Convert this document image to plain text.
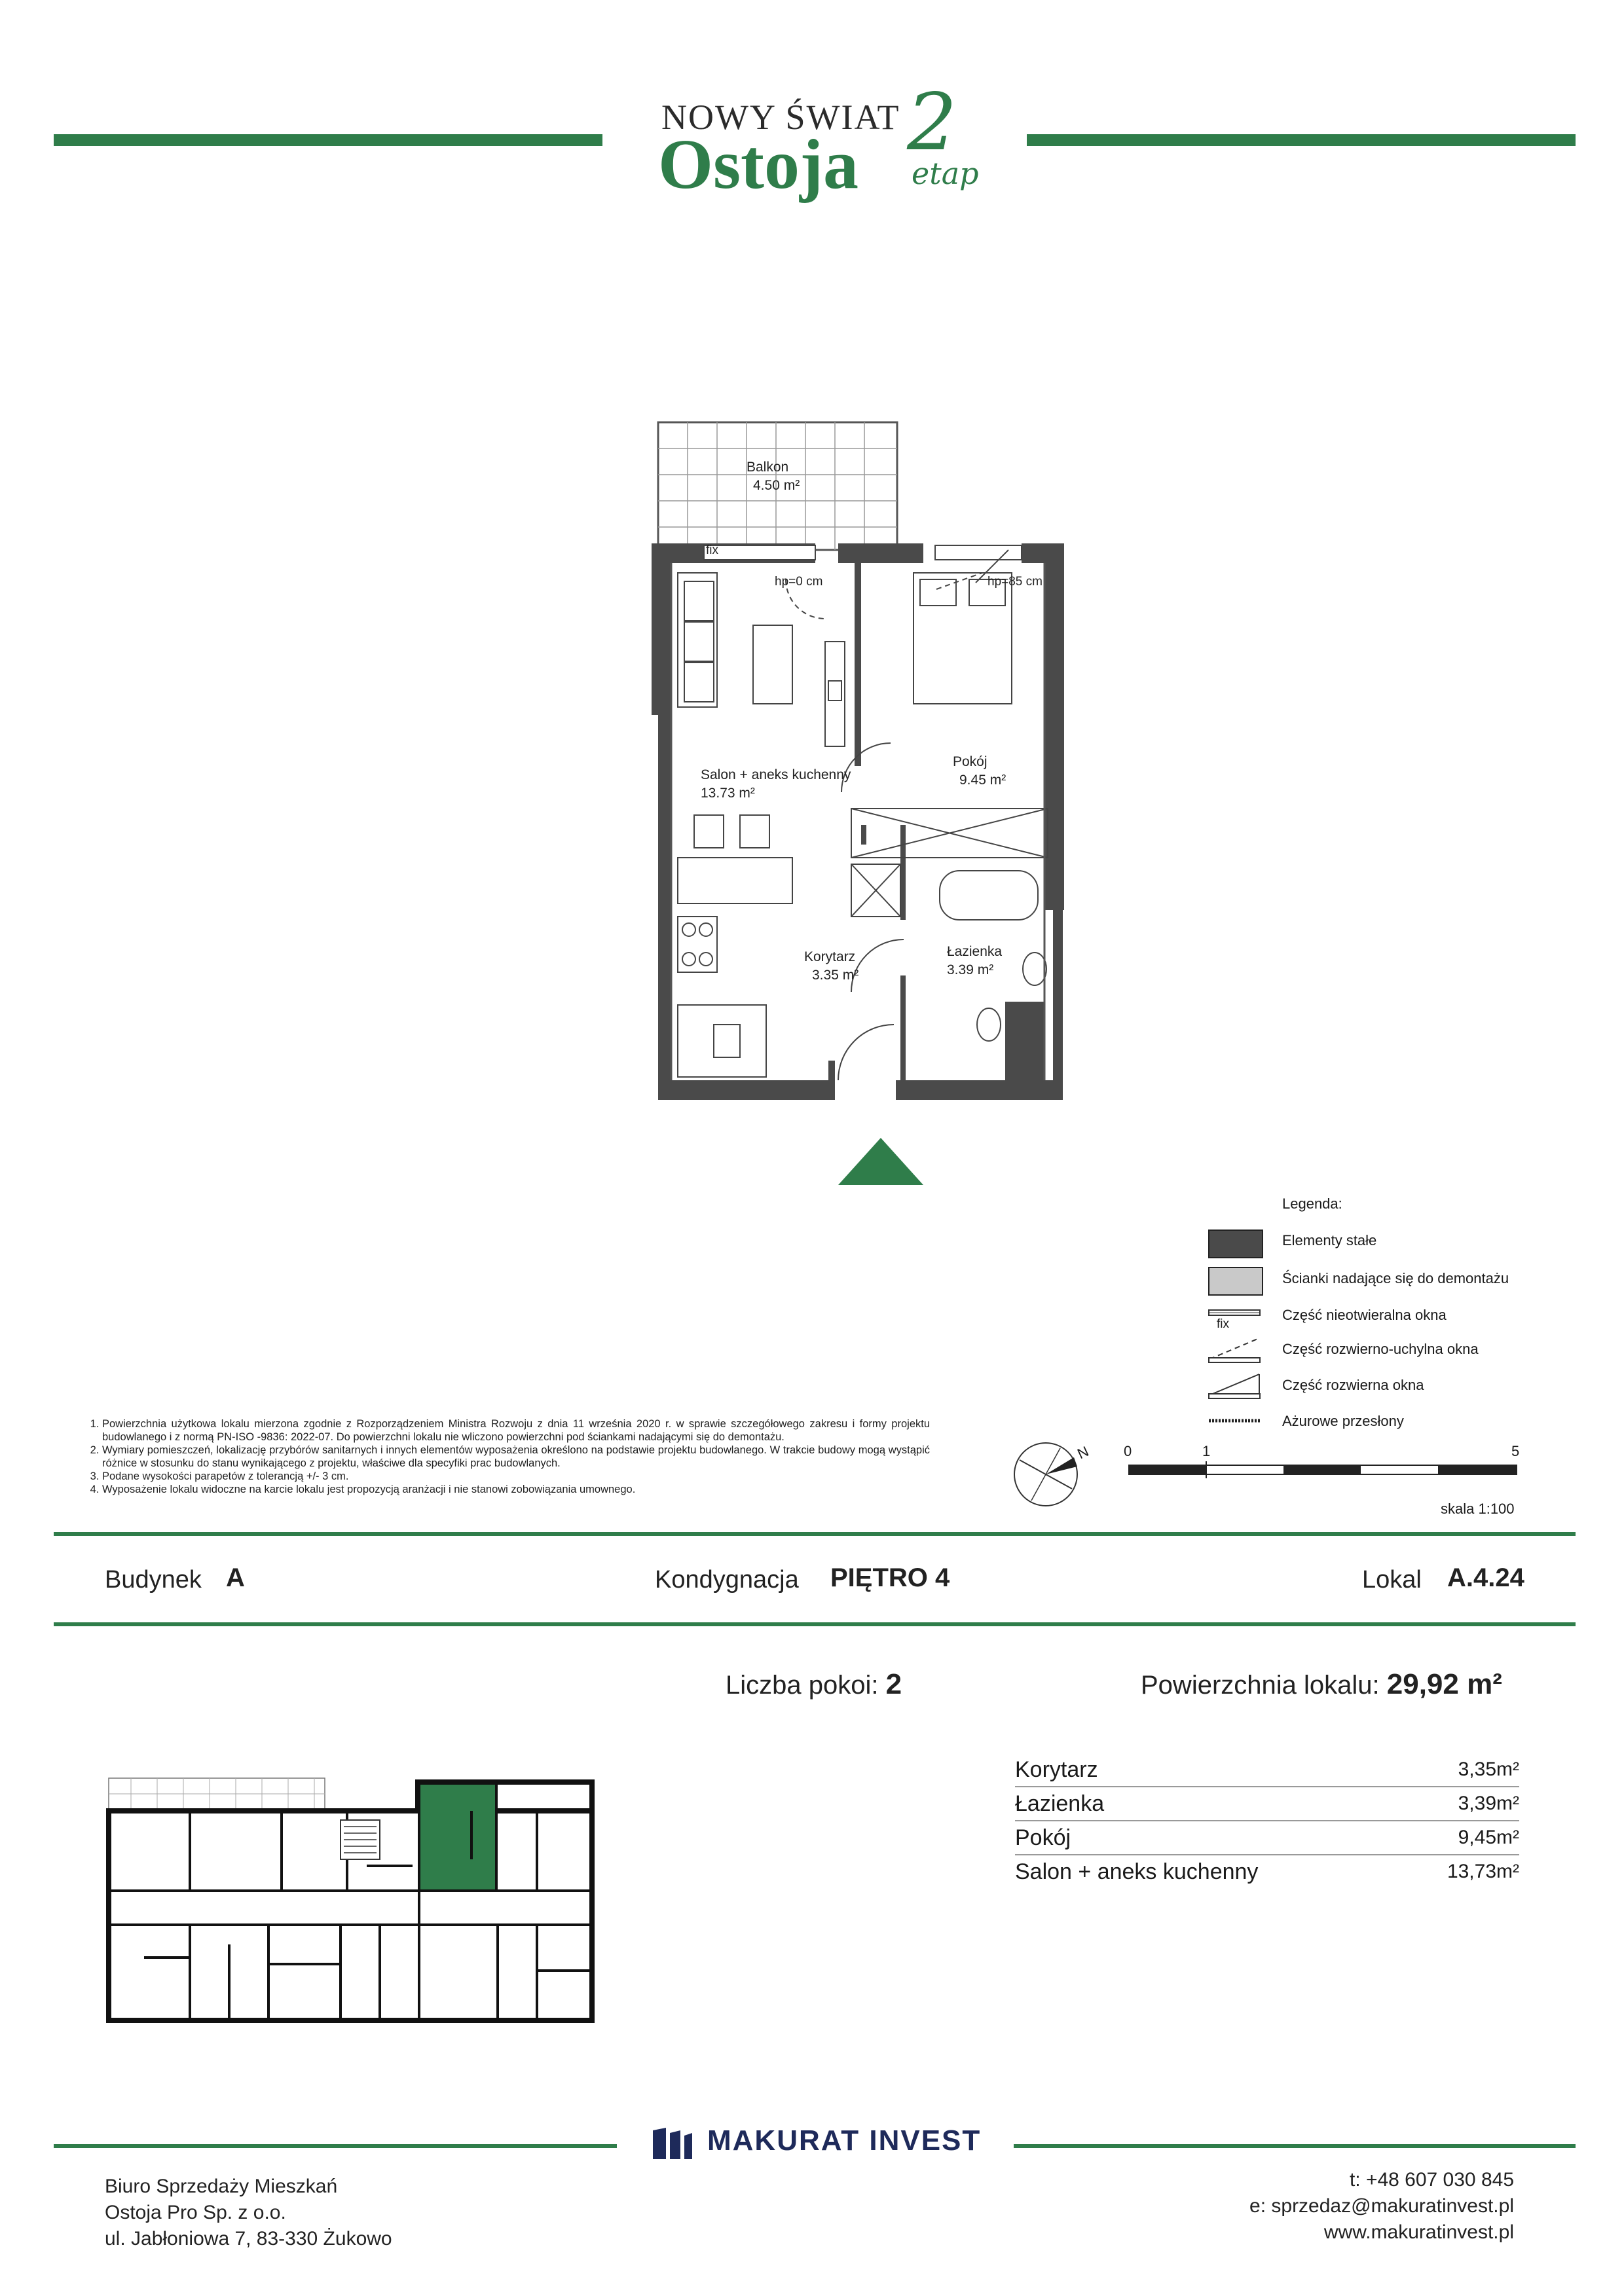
NOWY ŚWIAT
Ostoja 2
etap
Balkon
4.50 m²
Salon + aneks kuchenny
13.73 m²
Pokój
9.45 m²
Korytarz
3.35 m²
Łazienka
3.39 m²
fix
hp=0 cm	hp=85 cm
Legenda:
Elementy stałe
Ścianki nadające się do demontażu
fix
Część nieotwieralna okna
Część rozwierno-uchylna okna
Część rozwierna okna
Ażurowe przesłony
1. Powierzchnia użytkowa lokalu mierzona zgodnie z Rozporządzeniem Ministra Rozwoju z dnia 11 września 2020 r. w sprawie szczegółowego zakresu i formy projektu budowlanego i z normą PN-ISO -9836: 2022-07. Do powierzchni lokalu nie wliczono powierzchni pod ściankami nadającymi się do demontażu.
2. Wymiary pomieszczeń, lokalizację przybórów sanitarnych i innych elementów wyposażenia określono na podstawie projektu budowlanego. W trakcie budowy mogą wystąpić różnice w stosunku do stanu wynikającego z projektu, właściwe dla specyfiki prac budowlanych.
3. Podane wysokości parapetów z tolerancją +/- 3 cm.
4. Wyposażenie lokalu widoczne na karcie lokalu jest propozycją aranżacji i nie stanowi zobowiązania umownego.
N 0	1	5
skala 1:100
Budynek A	Kondygnacja PIĘTRO 4	Lokal A.4.24
Liczba pokoi: 2	Powierzchnia lokalu: 29,92 m²
Korytarz	3,35m²
Łazienka	3,39m²
Pokój	9,45m²
Salon + aneks kuchenny	13,73m²
MAKURAT INVEST
Biuro Sprzedaży Mieszkań
Ostoja Pro Sp. z o.o.
ul. Jabłoniowa 7, 83-330 Żukowo
t: +48 607 030 845
e: sprzedaz@makuratinvest.pl
www.makuratinvest.pl
